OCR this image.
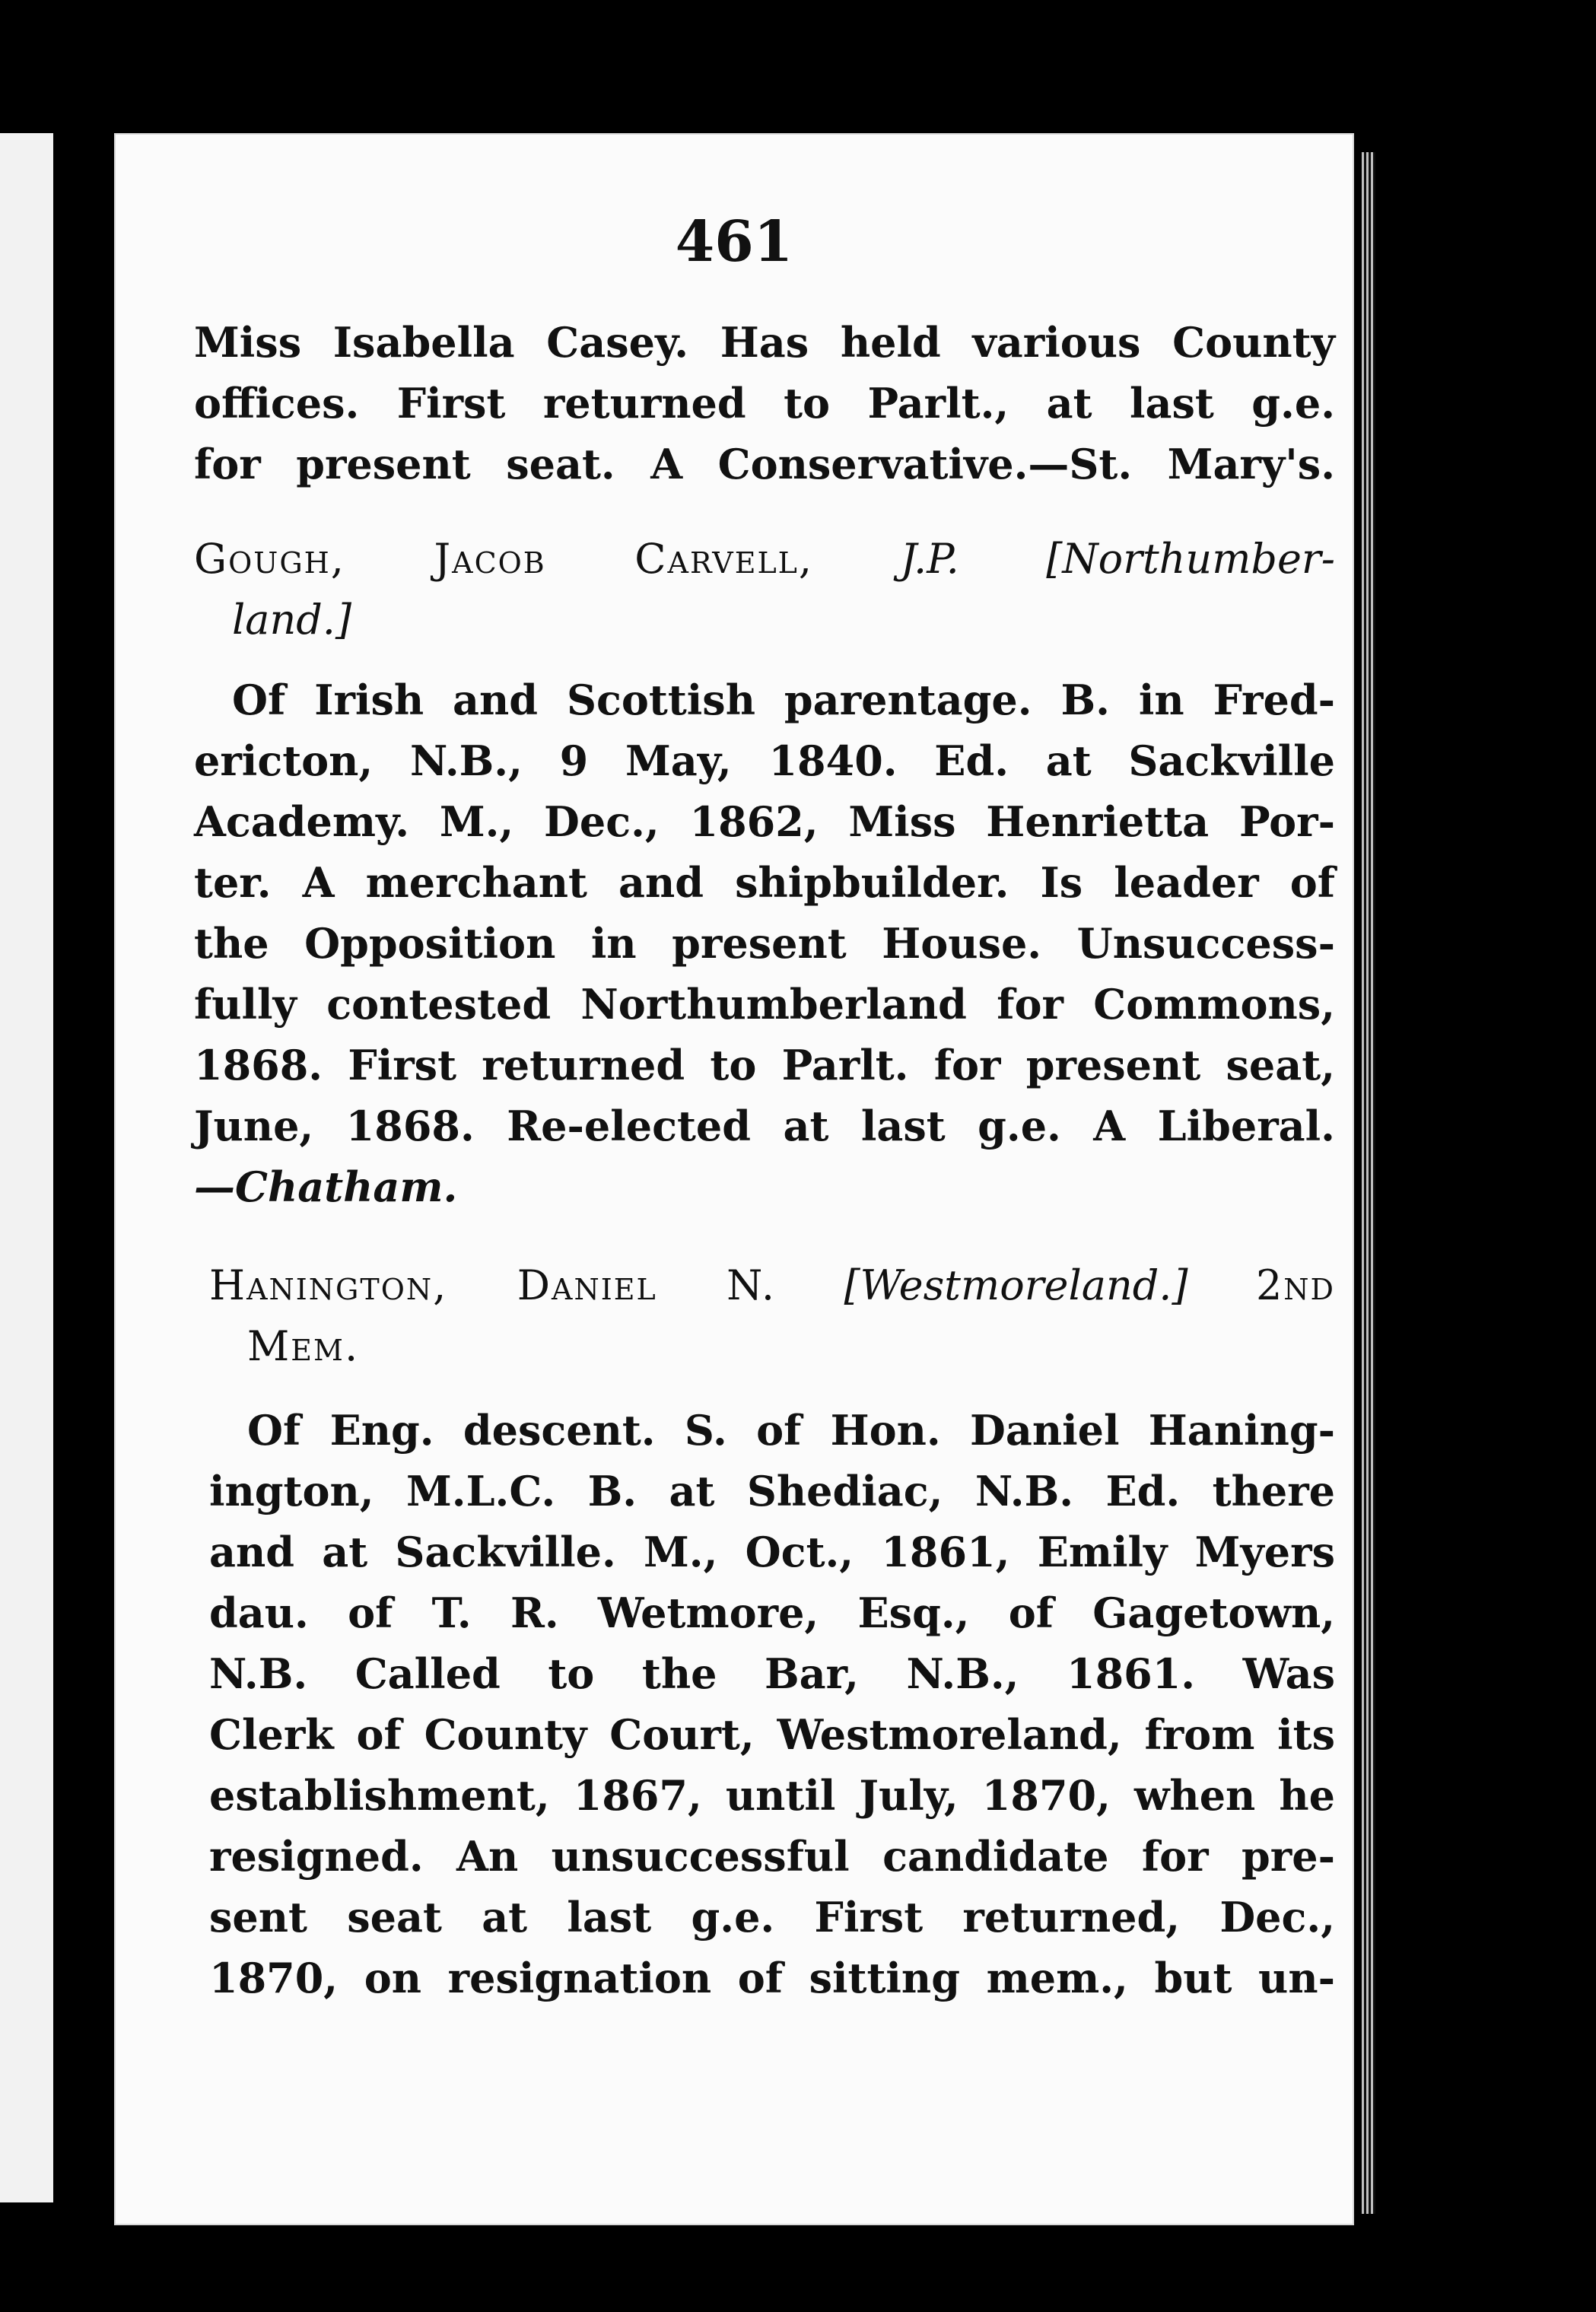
461
Miss Isabella Casey. Has held various County
offices. First returned to Parlt., at last g.e.
for present seat. A Conservative.—St. Mary's.
Gough, Jacob Carvell, J.P. [Northumber-
land.]
Of Irish and Scottish parentage. B. in Fred-
ericton, N.B., 9 May, 1840. Ed. at Sackville
Academy. M., Dec., 1862, Miss Henrietta Por-
ter. A merchant and shipbuilder. Is leader of
the Opposition in present House. Unsuccess-
fully contested Northumberland for Commons,
1868. First returned to Parlt. for present seat,
June, 1868. Re-elected at last g.e. A Liberal.
—Chatham.
Hanington, Daniel N. [Westmoreland.] 2nd
Mem.
Of Eng. descent. S. of Hon. Daniel Haning-
ington, M.L.C. B. at Shediac, N.B. Ed. there
and at Sackville. M., Oct., 1861, Emily Myers
dau. of T. R. Wetmore, Esq., of Gagetown,
N.B. Called to the Bar, N.B., 1861. Was
Clerk of County Court, Westmoreland, from its
establishment, 1867, until July, 1870, when he
resigned. An unsuccessful candidate for pre-
sent seat at last g.e. First returned, Dec.,
1870, on resignation of sitting mem., but un-
